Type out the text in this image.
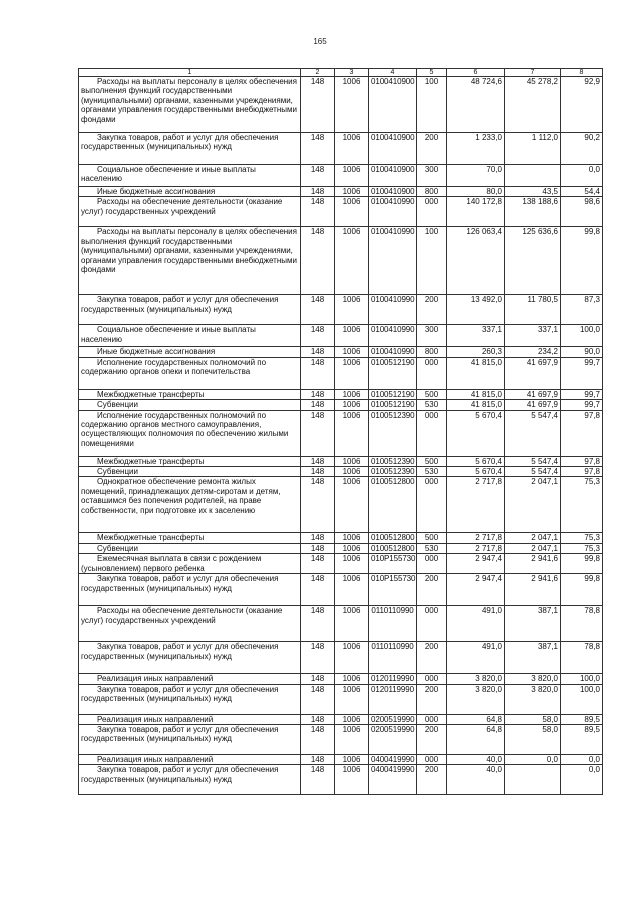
165
1	2	3	4	5	6	7	8
Расходы на выплаты персоналу в целях обеспечения выполнения функций государственными (муниципальными) органами, казенными учреждениями, органами управления государственными внебюджетными фондами	148	1006	0100410900	100	48 724,6	45 278,2	92,9
Закупка товаров, работ и услуг для обеспечения государственных (муниципальных) нужд	148	1006	0100410900	200	1 233,0	1 112,0	90,2
Социальное обеспечение и иные выплаты населению	148	1006	0100410900	300	70,0		0,0
Иные бюджетные ассигнования	148	1006	0100410900	800	80,0	43,5	54,4
Расходы на обеспечение деятельности (оказание услуг) государственных учреждений	148	1006	0100410990	000	140 172,8	138 188,6	98,6
Расходы на выплаты персоналу в целях обеспечения выполнения функций государственными (муниципальными) органами, казенными учреждениями, органами управления государственными внебюджетными фондами	148	1006	0100410990	100	126 063,4	125 636,6	99,8
Закупка товаров, работ и услуг для обеспечения государственных (муниципальных) нужд	148	1006	0100410990	200	13 492,0	11 780,5	87,3
Социальное обеспечение и иные выплаты населению	148	1006	0100410990	300	337,1	337,1	100,0
Иные бюджетные ассигнования	148	1006	0100410990	800	260,3	234,2	90,0
Исполнение государственных полномочий по содержанию органов опеки и попечительства	148	1006	0100512190	000	41 815,0	41 697,9	99,7
Межбюджетные трансферты	148	1006	0100512190	500	41 815,0	41 697,9	99,7
Субвенции	148	1006	0100512190	530	41 815,0	41 697,9	99,7
Исполнение государственных полномочий по содержанию органов местного самоуправления, осуществляющих полномочия по обеспечению жилыми помещениями	148	1006	0100512390	000	5 670,4	5 547,4	97,8
Межбюджетные трансферты	148	1006	0100512390	500	5 670,4	5 547,4	97,8
Субвенции	148	1006	0100512390	530	5 670,4	5 547,4	97,8
Однократное обеспечение ремонта жилых помещений, принадлежащих детям-сиротам и детям, оставшимся без попечения родителей, на праве собственности, при подготовке их к заселению	148	1006	0100512800	000	2 717,8	2 047,1	75,3
Межбюджетные трансферты	148	1006	0100512800	500	2 717,8	2 047,1	75,3
Субвенции	148	1006	0100512800	530	2 717,8	2 047,1	75,3
Ежемесячная выплата в связи с рождением (усыновлением) первого ребенка	148	1006	010P155730	000	2 947,4	2 941,6	99,8
Закупка товаров, работ и услуг для обеспечения государственных (муниципальных) нужд	148	1006	010P155730	200	2 947,4	2 941,6	99,8
Расходы на обеспечение деятельности (оказание услуг) государственных учреждений	148	1006	0110110990	000	491,0	387,1	78,8
Закупка товаров, работ и услуг для обеспечения государственных (муниципальных) нужд	148	1006	0110110990	200	491,0	387,1	78,8
Реализация иных направлений	148	1006	0120119990	000	3 820,0	3 820,0	100,0
Закупка товаров, работ и услуг для обеспечения государственных (муниципальных) нужд	148	1006	0120119990	200	3 820,0	3 820,0	100,0
Реализация иных направлений	148	1006	0200519990	000	64,8	58,0	89,5
Закупка товаров, работ и услуг для обеспечения государственных (муниципальных) нужд	148	1006	0200519990	200	64,8	58,0	89,5
Реализация иных направлений	148	1006	0400419990	000	40,0	0,0	0,0
Закупка товаров, работ и услуг для обеспечения государственных (муниципальных) нужд	148	1006	0400419990	200	40,0		0,0
